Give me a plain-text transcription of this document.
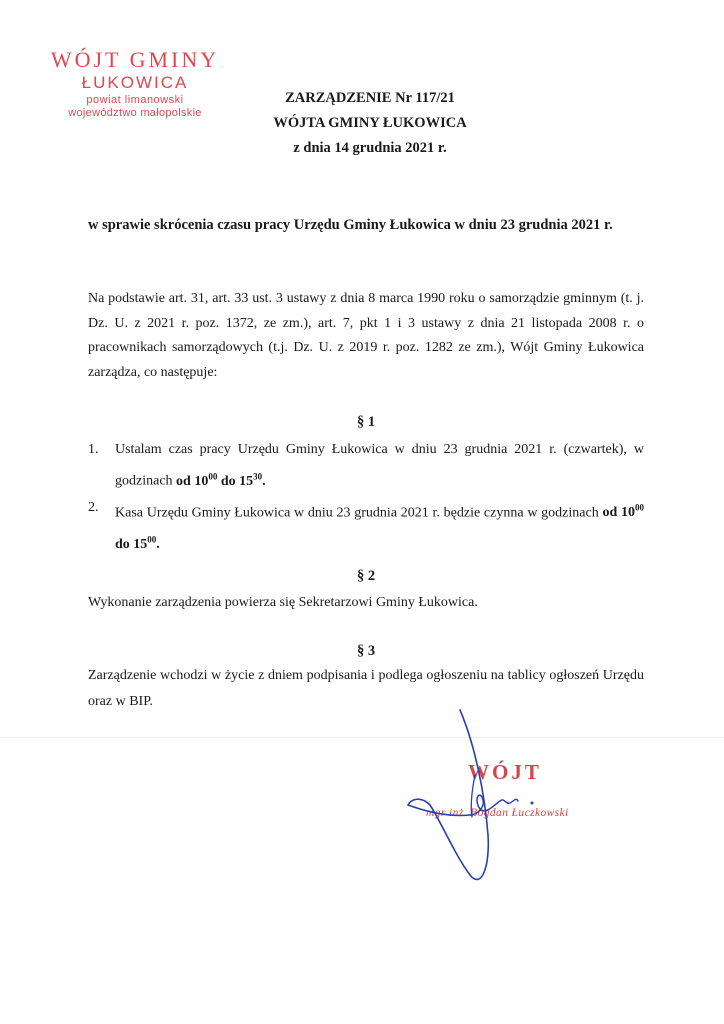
WÓJT GMINY
ŁUKOWICA
powiat limanowski
województwo małopolskie
ZARZĄDZENIE Nr 117/21
WÓJTA GMINY ŁUKOWICA
z dnia 14 grudnia 2021 r.
w sprawie skrócenia czasu pracy Urzędu Gminy Łukowica w dniu 23 grudnia 2021 r.
Na podstawie art. 31, art. 33 ust. 3 ustawy z dnia 8 marca 1990 roku o samorządzie gminnym (t. j. Dz. U. z 2021 r. poz. 1372, ze zm.), art. 7, pkt 1 i 3 ustawy z dnia 21 listopada 2008 r. o pracownikach samorządowych (t.j. Dz. U. z 2019 r. poz. 1282 ze zm.), Wójt Gminy Łukowica zarządza, co następuje:
§ 1
1. Ustalam czas pracy Urzędu Gminy Łukowica w dniu 23 grudnia 2021 r. (czwartek), w godzinach od $10^{00}$ do $15^{30}$.
2. Kasa Urzędu Gminy Łukowica w dniu 23 grudnia 2021 r. będzie czynna w godzinach od $10^{00}$ do $15^{00}$.
§ 2
Wykonanie zarządzenia powierza się Sekretarzowi Gminy Łukowica.
§ 3
Zarządzenie wchodzi w życie z dniem podpisania i podlega ogłoszeniu na tablicy ogłoszeń Urzędu oraz w BIP.
WÓJT
mgr inż. Bogdan Łuczkowski
